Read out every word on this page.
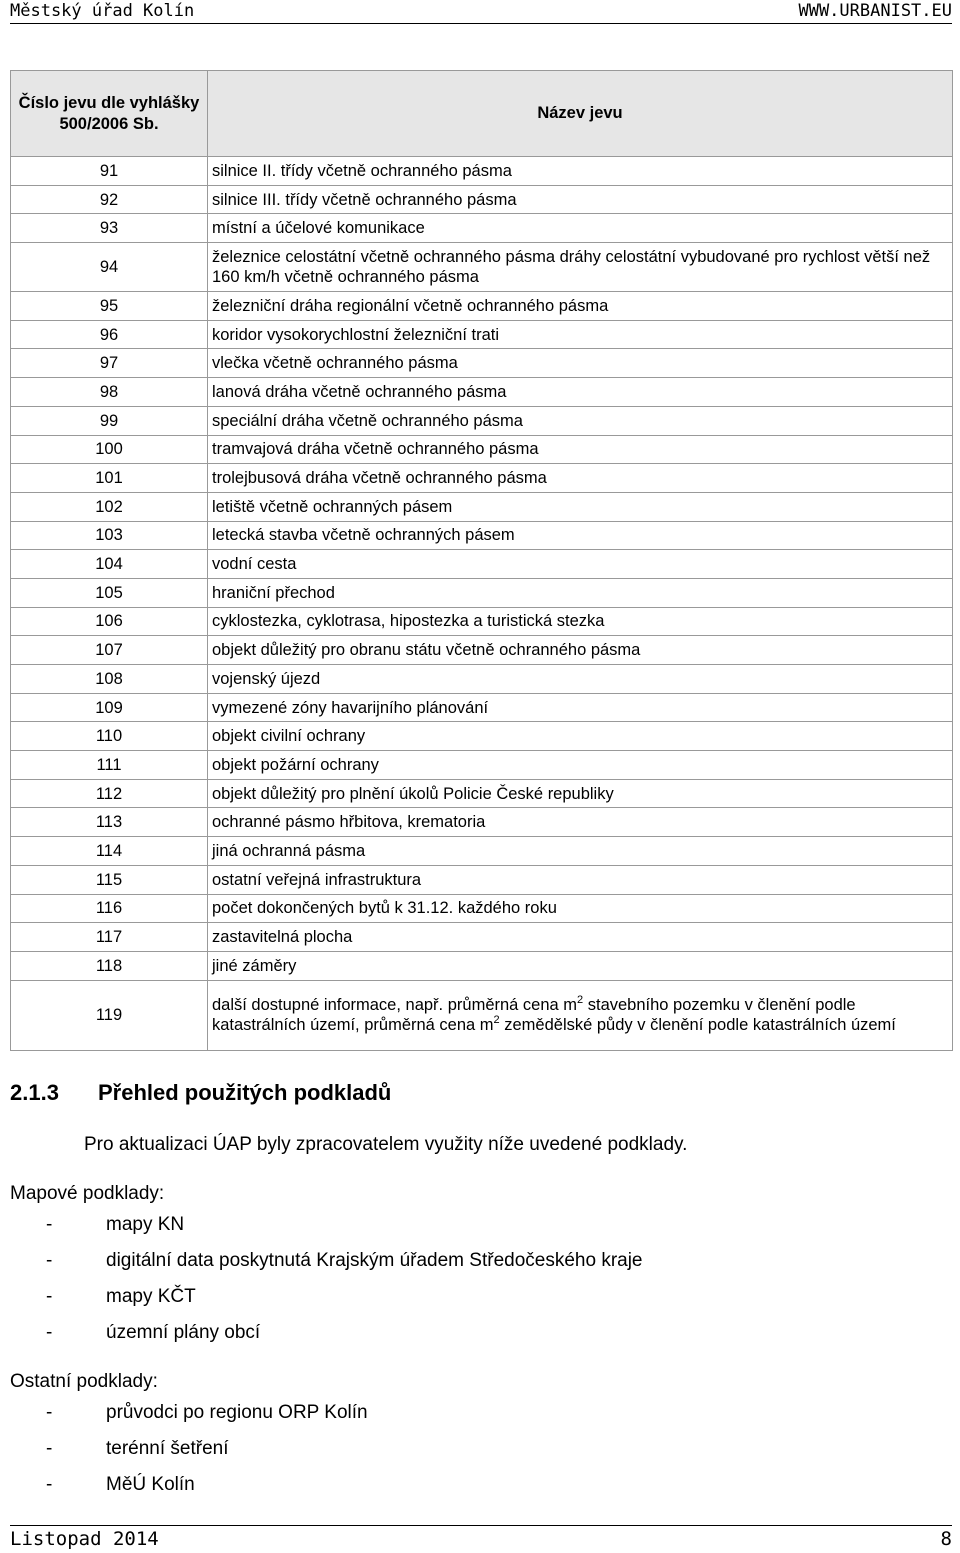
Městský úřad Kolín	WWW.URBANIST.EU
Číslo jevu dle vyhlášky 500/2006 Sb.	Název jevu
91	silnice II. třídy včetně ochranného pásma
92	silnice III. třídy včetně ochranného pásma
93	místní a účelové komunikace
94	železnice celostátní včetně ochranného pásma dráhy celostátní vybudované pro rychlost větší než 160 km/h včetně ochranného pásma
95	železniční dráha regionální včetně ochranného pásma
96	koridor vysokorychlostní železniční trati
97	vlečka včetně ochranného pásma
98	lanová dráha včetně ochranného pásma
99	speciální dráha včetně ochranného pásma
100	tramvajová dráha včetně ochranného pásma
101	trolejbusová dráha včetně ochranného pásma
102	letiště včetně ochranných pásem
103	letecká stavba včetně ochranných pásem
104	vodní cesta
105	hraniční přechod
106	cyklostezka, cyklotrasa, hipostezka a turistická stezka
107	objekt důležitý pro obranu státu včetně ochranného pásma
108	vojenský újezd
109	vymezené zóny havarijního plánování
110	objekt civilní ochrany
111	objekt požární ochrany
112	objekt důležitý pro plnění úkolů Policie České republiky
113	ochranné pásmo hřbitova, krematoria
114	jiná ochranná pásma
115	ostatní veřejná infrastruktura
116	počet dokončených bytů k 31.12. každého roku
117	zastavitelná plocha
118	jiné záměry
119	další dostupné informace, např. průměrná cena $m^2$ stavebního pozemku v členění podle katastrálních území, průměrná cena $m^2$ zemědělské půdy v členění podle katastrálních území
2.1.3 Přehled použitých podkladů
Pro aktualizaci ÚAP byly zpracovatelem využity níže uvedené podklady.
Mapové podklady:
-	mapy KN
-	digitální data poskytnutá Krajským úřadem Středočeského kraje
-	mapy KČT
-	územní plány obcí
Ostatní podklady:
-	průvodci po regionu ORP Kolín
-	terénní šetření
-	MěÚ Kolín
Listopad 2014	8
